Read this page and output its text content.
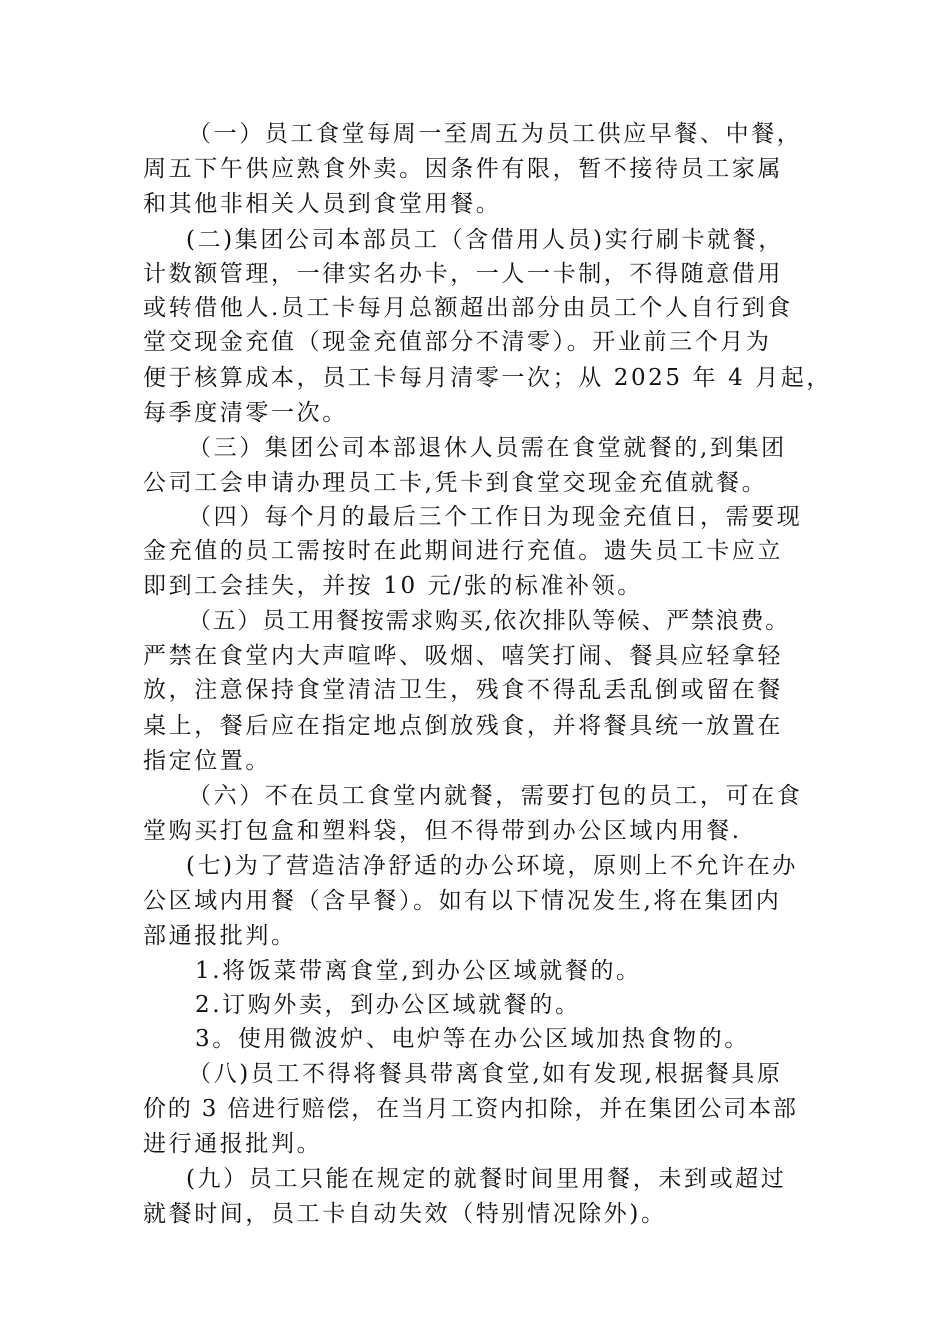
（一）员工食堂每周一至周五为员工供应早餐、中餐，
周五下午供应熟食外卖。因条件有限，暂不接待员工家属
和其他非相关人员到食堂用餐。
(二)集团公司本部员工（含借用人员)实行刷卡就餐，
计数额管理，一律实名办卡，一人一卡制，不得随意借用
或转借他人.员工卡每月总额超出部分由员工个人自行到食
堂交现金充值（现金充值部分不清零）。开业前三个月为
便于核算成本，员工卡每月清零一次；从 2025 年 4 月起，
每季度清零一次。
（三）集团公司本部退休人员需在食堂就餐的,到集团
公司工会申请办理员工卡,凭卡到食堂交现金充值就餐。
（四）每个月的最后三个工作日为现金充值日，需要现
金充值的员工需按时在此期间进行充值。遗失员工卡应立
即到工会挂失，并按 10 元/张的标准补领。
（五）员工用餐按需求购买,依次排队等候、严禁浪费。
严禁在食堂内大声喧哗、吸烟、嘻笑打闹、餐具应轻拿轻
放，注意保持食堂清洁卫生，残食不得乱丢乱倒或留在餐
桌上，餐后应在指定地点倒放残食，并将餐具统一放置在
指定位置。
（六）不在员工食堂内就餐，需要打包的员工，可在食
堂购买打包盒和塑料袋，但不得带到办公区域内用餐.
(七)为了营造洁净舒适的办公环境，原则上不允许在办
公区域内用餐（含早餐）。如有以下情况发生,将在集团内
部通报批判。
1.将饭菜带离食堂,到办公区域就餐的。
2.订购外卖，到办公区域就餐的。
3。使用微波炉、电炉等在办公区域加热食物的。
（八)员工不得将餐具带离食堂,如有发现,根据餐具原
价的 3 倍进行赔偿，在当月工资内扣除，并在集团公司本部
进行通报批判。
(九）员工只能在规定的就餐时间里用餐，未到或超过
就餐时间，员工卡自动失效（特别情况除外)。
